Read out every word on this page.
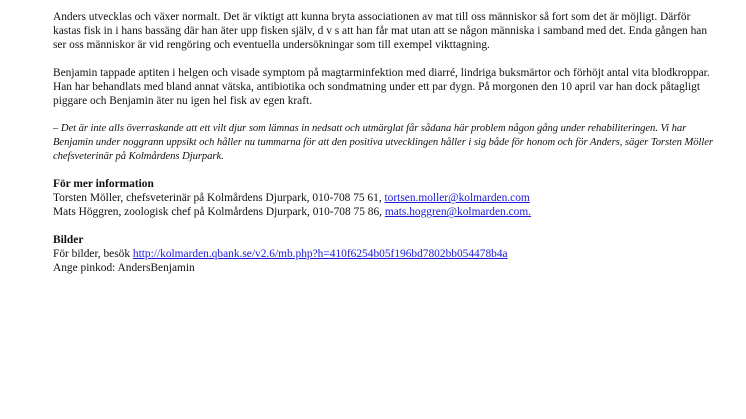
Anders utvecklas och växer normalt. Det är viktigt att kunna bryta associationen av mat till oss människor så fort som det är möjligt. Därför kastas fisk in i hans bassäng där han äter upp fisken själv, d v s att han får mat utan att se någon människa i samband med det. Enda gången han ser oss människor är vid rengöring och eventuella undersökningar som till exempel vikttagning.

Benjamin tappade aptiten i helgen och visade symptom på magtarminfektion med diarré, lindriga buksmärtor och förhöjt antal vita blodkroppar. Han har behandlats med bland annat vätska, antibiotika och sondmatning under ett par dygn. På morgonen den 10 april var han dock påtagligt piggare och Benjamin äter nu igen hel fisk av egen kraft.

– Det är inte alls överraskande att ett vilt djur som lämnas in nedsatt och utmärglat får sådana här problem någon gång under rehabiliteringen. Vi har Benjamin under noggrann uppsikt och håller nu tummarna för att den positiva utvecklingen håller i sig både för honom och för Anders, säger Torsten Möller chefsveterinär på Kolmårdens Djurpark.

För mer information

Torsten Möller, chefsveterinär på Kolmårdens Djurpark, 010-708 75 61, tortsen.moller@kolmarden.com

Mats Höggren, zoologisk chef på Kolmårdens Djurpark, 010-708 75 86, mats.hoggren@kolmarden.com.

Bilder

För bilder, besök http://kolmarden.qbank.se/v2.6/mb.php?h=410f6254b05f196bd7802bb054478b4a

Ange pinkod: AndersBenjamin
